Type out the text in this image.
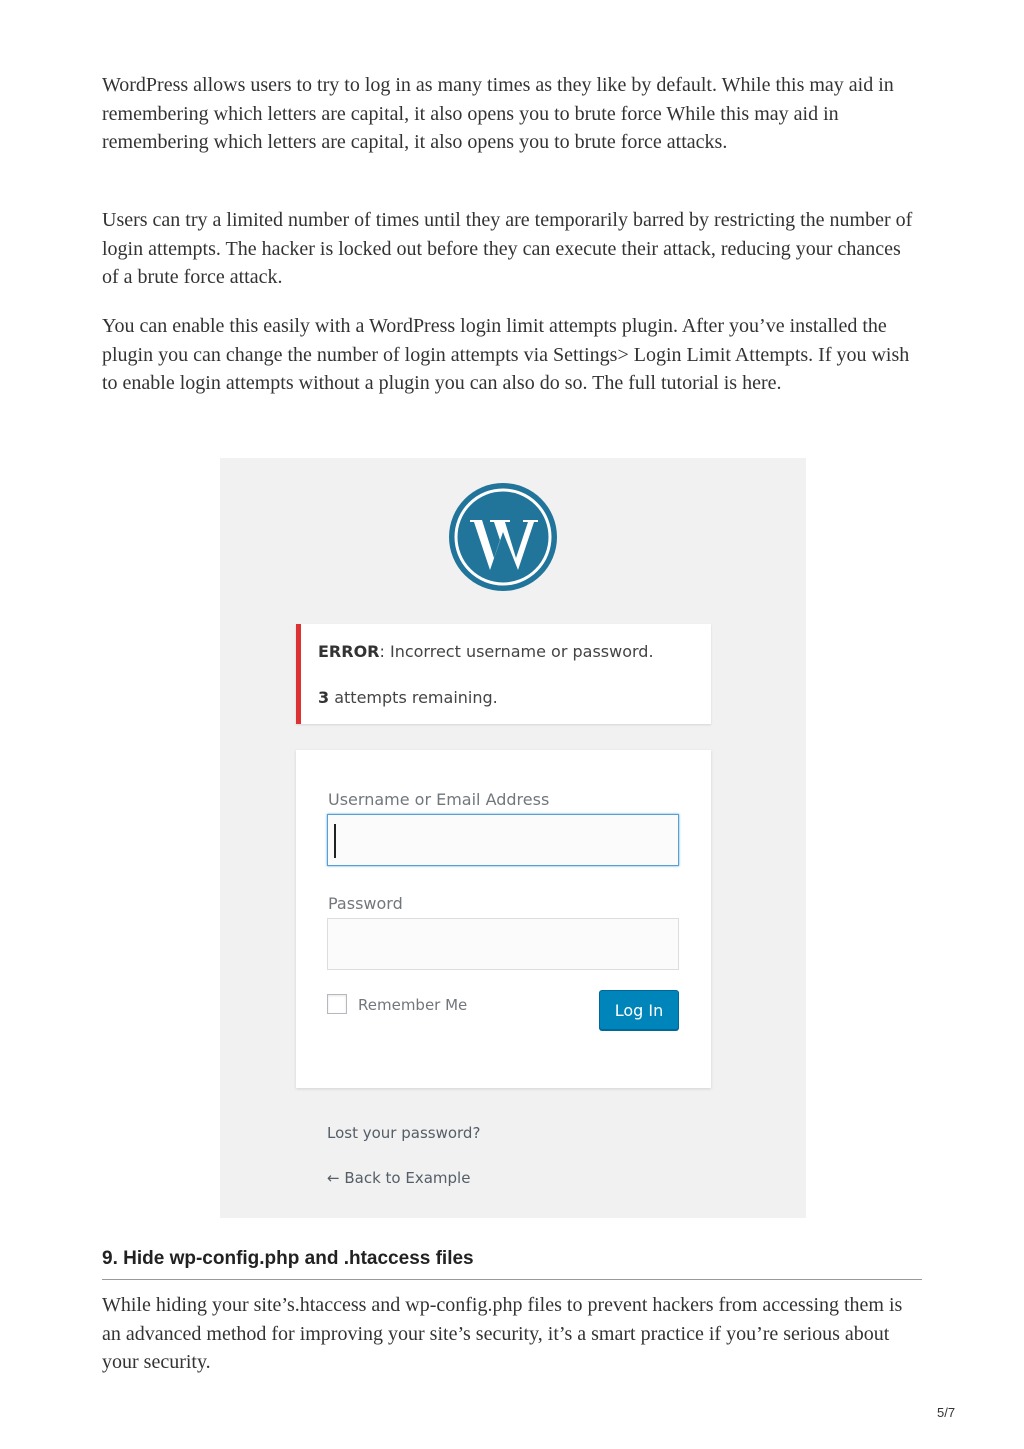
WordPress allows users to try to log in as many times as they like by default. While this may aid in remembering which letters are capital, it also opens you to brute force While this may aid in remembering which letters are capital, it also opens you to brute force attacks.

Users can try a limited number of times until they are temporarily barred by restricting the number of login attempts. The hacker is locked out before they can execute their attack, reducing your chances of a brute force attack.

You can enable this easily with a WordPress login limit attempts plugin. After you’ve installed the plugin you can change the number of login attempts via Settings> Login Limit Attempts. If you wish to enable login attempts without a plugin you can also do so. The full tutorial is here.

ERROR: Incorrect username or password.
3 attempts remaining.
Username or Email Address
Password
Remember Me	Log In
Lost your password?
← Back to Example
9. Hide wp-config.php and .htaccess files

While hiding your site’s.htaccess and wp-config.php files to prevent hackers from accessing them is an advanced method for improving your site’s security, it’s a smart practice if you’re serious about your security.

5/7
